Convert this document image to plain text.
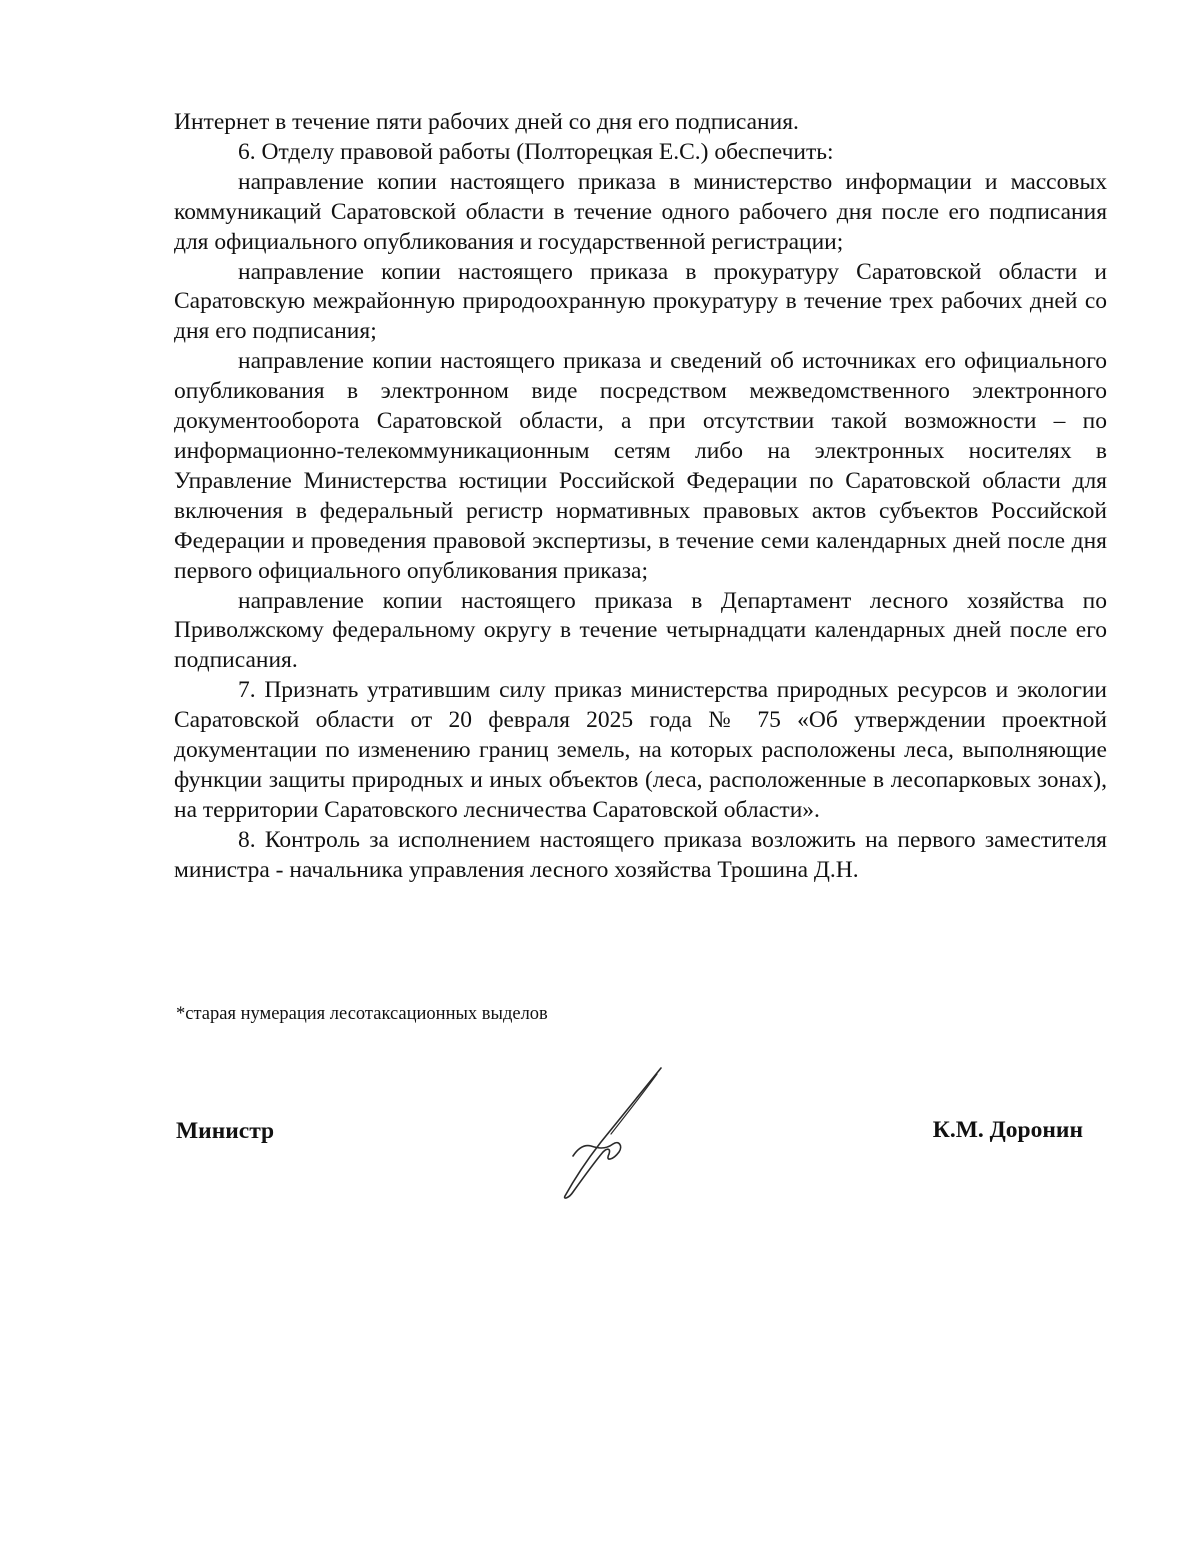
Интернет в течение пяти рабочих дней со дня его подписания.

6. Отделу правовой работы (Полторецкая Е.С.) обеспечить:

направление копии настоящего приказа в министерство информации и массовых коммуникаций Саратовской области в течение одного рабочего дня после его подписания для официального опубликования и государственной регистрации;

направление копии настоящего приказа в прокуратуру Саратовской области и Саратовскую межрайонную природоохранную прокуратуру в течение трех рабочих дней со дня его подписания;

направление копии настоящего приказа и сведений об источниках его официального опубликования в электронном виде посредством межведомственного электронного документооборота Саратовской области, а при отсутствии такой возможности – по информационно-телекоммуникационным сетям либо на электронных носителях в Управление Министерства юстиции Российской Федерации по Саратовской области для включения в федеральный регистр нормативных правовых актов субъектов Российской Федерации и проведения правовой экспертизы, в течение семи календарных дней после дня первого официального опубликования приказа;

направление копии настоящего приказа в Департамент лесного хозяйства по Приволжскому федеральному округу в течение четырнадцати календарных дней после его подписания.

7. Признать утратившим силу приказ министерства природных ресурсов и экологии Саратовской области от 20 февраля 2025 года № 75 «Об утверждении проектной документации по изменению границ земель, на которых расположены леса, выполняющие функции защиты природных и иных объектов (леса, расположенные в лесопарковых зонах), на территории Саратовского лесничества Саратовской области».

8. Контроль за исполнением настоящего приказа возложить на первого заместителя министра - начальника управления лесного хозяйства Трошина Д.Н.

*старая нумерация лесотаксационных выделов
Министр	К.М. Доронин
